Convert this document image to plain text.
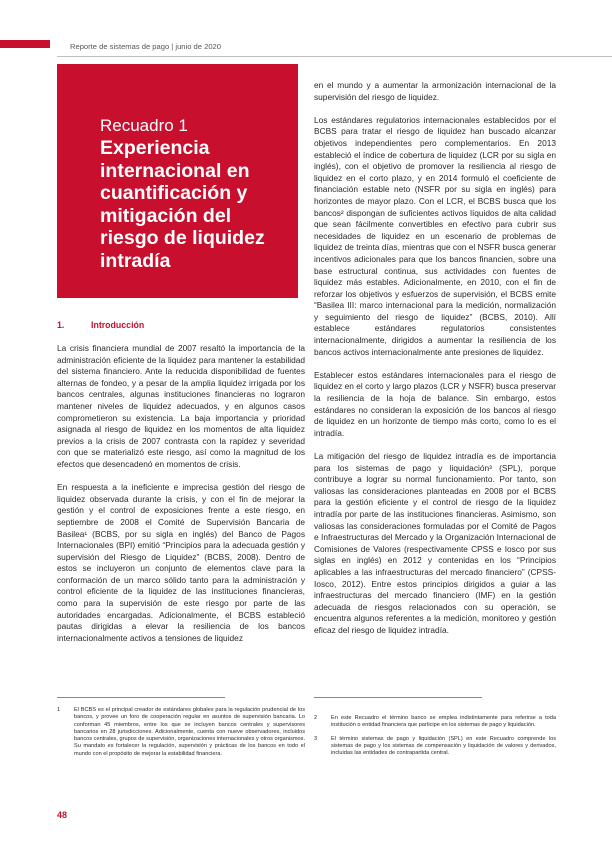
Reporte de sistemas de pago | junio de 2020
Recuadro 1
Experiencia
internacional en
cuantificación y
mitigación del
riesgo de liquidez
intradía
1.	Introducción

La crisis financiera mundial de 2007 resaltó la importancia de la administración eficiente de la liquidez para mantener la estabilidad del sistema financiero. Ante la reducida disponibilidad de fuentes alternas de fondeo, y a pesar de la amplia liquidez irrigada por los bancos centrales, algunas instituciones financieras no lograron mantener niveles de liquidez adecuados, y en algunos casos comprometieron su existencia. La baja importancia y prioridad asignada al riesgo de liquidez en los momentos de alta liquidez previos a la crisis de 2007 contrasta con la rapidez y severidad con que se materializó este riesgo, así como la magnitud de los efectos que desencadenó en momentos de crisis.

En respuesta a la ineficiente e imprecisa gestión del riesgo de liquidez observada durante la crisis, y con el fin de mejorar la gestión y el control de exposiciones frente a este riesgo, en septiembre de 2008 el Comité de Supervisión Bancaria de Basilea¹ (BCBS, por su sigla en inglés) del Banco de Pagos Internacionales (BPI) emitió “Principios para la adecuada gestión y supervisión del Riesgo de Liquidez” (BCBS, 2008). Dentro de estos se incluyeron un conjunto de elementos clave para la conformación de un marco sólido tanto para la administración y control eficiente de la liquidez de las instituciones financieras, como para la supervisión de este riesgo por parte de las autoridades encargadas. Adicionalmente, el BCBS estableció pautas dirigidas a elevar la resiliencia de los bancos internacionalmente activos a tensiones de liquidez

en el mundo y a aumentar la armonización internacional de la supervisión del riesgo de liquidez.

Los estándares regulatorios internacionales establecidos por el BCBS para tratar el riesgo de liquidez han buscado alcanzar objetivos independientes pero complementarios. En 2013 estableció el índice de cobertura de liquidez (LCR por su sigla en inglés), con el objetivo de promover la resiliencia al riesgo de liquidez en el corto plazo, y en 2014 formuló el coeficiente de financiación estable neto (NSFR por su sigla en inglés) para horizontes de mayor plazo. Con el LCR, el BCBS busca que los bancos² dispongan de suficientes activos líquidos de alta calidad que sean fácilmente convertibles en efectivo para cubrir sus necesidades de liquidez en un escenario de problemas de liquidez de treinta días, mientras que con el NSFR busca generar incentivos adicionales para que los bancos financien, sobre una base estructural continua, sus actividades con fuentes de liquidez más estables. Adicionalmente, en 2010, con el fin de reforzar los objetivos y esfuerzos de supervisión, el BCBS emite “Basilea III: marco internacional para la medición, normalización y seguimiento del riesgo de liquidez” (BCBS, 2010). Allí establece estándares regulatorios consistentes internacionalmente, dirigidos a aumentar la resiliencia de los bancos activos internacionalmente ante presiones de liquidez.

Establecer estos estándares internacionales para el riesgo de liquidez en el corto y largo plazos (LCR y NSFR) busca preservar la resiliencia de la hoja de balance. Sin embargo, estos estándares no consideran la exposición de los bancos al riesgo de liquidez en un horizonte de tiempo más corto, como lo es el intradía.

La mitigación del riesgo de liquidez intradía es de importancia para los sistemas de pago y liquidación³ (SPL), porque contribuye a lograr su normal funcionamiento. Por tanto, son valiosas las consideraciones planteadas en 2008 por el BCBS para la gestión eficiente y el control de riesgo de la liquidez intradía por parte de las instituciones financieras. Asimismo, son valiosas las consideraciones formuladas por el Comité de Pagos e Infraestructuras del Mercado y la Organización Internacional de Comisiones de Valores (respectivamente CPSS e Iosco por sus siglas en inglés) en 2012 y contenidas en los “Principios aplicables a las infraestructuras del mercado financiero” (CPSS-Iosco, 2012). Entre estos principios dirigidos a guiar a las infraestructuras del mercado financiero (IMF) en la gestión adecuada de riesgos relacionados con su operación, se encuentra algunos referentes a la medición, monitoreo y gestión eficaz del riesgo de liquidez intradía.

1	El BCBS es el principal creador de estándares globales para la regulación prudencial de los bancos, y provee un foro de cooperación regular en asuntos de supervisión bancaria. Lo conforman 45 miembros, entre los que se incluyen bancos centrales y supervisores bancarios en 28 jurisdicciones. Adicionalmente, cuenta con nueve observadores, incluidos bancos centrales, grupos de supervisión, organizaciones internacionales y otros organismos. Su mandato es fortalecer la regulación, supervisión y prácticas de los bancos en todo el mundo con el propósito de mejorar la estabilidad financiera.
2	En este Recuadro el término banco se emplea indistintamente para referirse a toda institución o entidad financiera que participe en los sistemas de pago y liquidación.
3	El término sistemas de pago y liquidación (SPL) en este Recuadro comprende los sistemas de pago y los sistemas de compensación y liquidación de valores y derivados, incluidas las entidades de contrapartida central.
48
